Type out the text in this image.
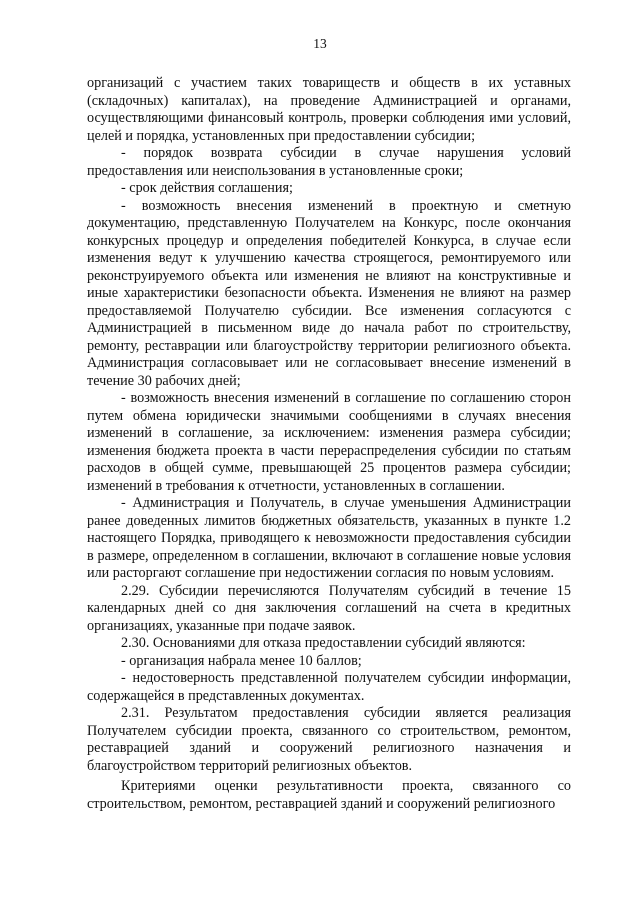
13

организаций с участием таких товариществ и обществ в их уставных (складочных) капиталах), на проведение Администрацией и органами, осуществляющими финансовый контроль, проверки соблюдения ими условий, целей и порядка, установленных при предоставлении субсидии;

- порядок возврата субсидии в случае нарушения условий предоставления или неиспользования в установленные сроки;

- срок действия соглашения;

- возможность внесения изменений в проектную и сметную документацию, представленную Получателем на Конкурс, после окончания конкурсных процедур и определения победителей Конкурса, в случае если изменения ведут к улучшению качества строящегося, ремонтируемого или реконструируемого объекта или изменения не влияют на конструктивные и иные характеристики безопасности объекта. Изменения не влияют на размер предоставляемой Получателю субсидии. Все изменения согласуются с Администрацией в письменном виде до начала работ по строительству, ремонту, реставрации или благоустройству территории религиозного объекта. Администрация согласовывает или не согласовывает внесение изменений в течение 30 рабочих дней;

- возможность внесения изменений в соглашение по соглашению сторон путем обмена юридически значимыми сообщениями в случаях внесения изменений в соглашение, за исключением: изменения размера субсидии; изменения бюджета проекта в части перераспределения субсидии по статьям расходов в общей сумме, превышающей 25 процентов размера субсидии; изменений в требования к отчетности, установленных в соглашении.

- Администрация и Получатель, в случае уменьшения Администрации ранее доведенных лимитов бюджетных обязательств, указанных в пункте 1.2 настоящего Порядка, приводящего к невозможности предоставления субсидии в размере, определенном в соглашении, включают в соглашение новые условия или расторгают соглашение при недостижении согласия по новым условиям.

2.29. Субсидии перечисляются Получателям субсидий в течение 15 календарных дней со дня заключения соглашений на счета в кредитных организациях, указанные при подаче заявок.

2.30. Основаниями для отказа предоставлении субсидий являются:

- организация набрала менее 10 баллов;

- недостоверность представленной получателем субсидии информации, содержащейся в представленных документах.

2.31. Результатом предоставления субсидии является реализация Получателем субсидии проекта, связанного со строительством, ремонтом, реставрацией зданий и сооружений религиозного назначения и благоустройством территорий религиозных объектов.

Критериями оценки результативности проекта, связанного со строительством, ремонтом, реставрацией зданий и сооружений религиозного
